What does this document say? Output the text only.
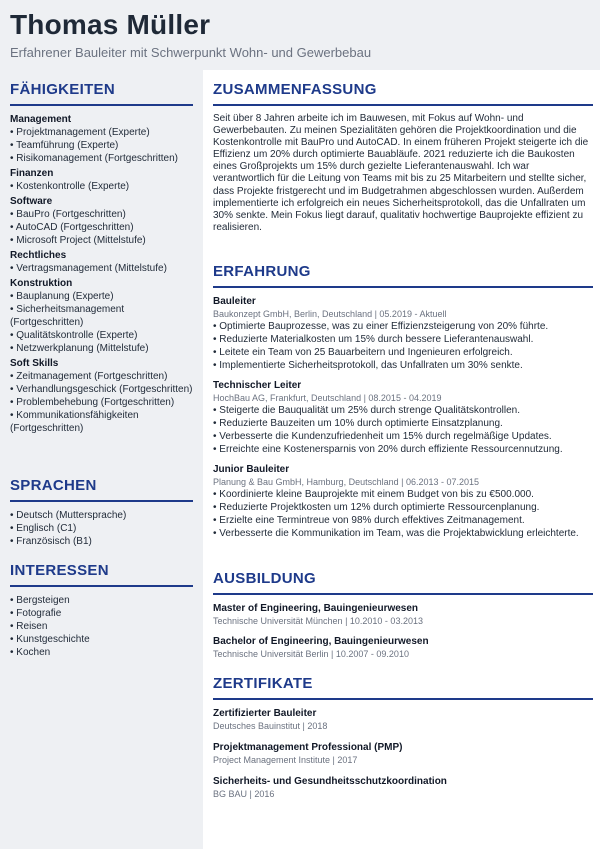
Thomas Müller
Erfahrener Bauleiter mit Schwerpunkt Wohn- und Gewerbebau
FÄHIGKEITEN
Management
• Projektmanagement (Experte)
• Teamführung (Experte)
• Risikomanagement (Fortgeschritten)
Finanzen
• Kostenkontrolle (Experte)
Software
• BauPro (Fortgeschritten)
• AutoCAD (Fortgeschritten)
• Microsoft Project (Mittelstufe)
Rechtliches
• Vertragsmanagement (Mittelstufe)
Konstruktion
• Bauplanung (Experte)
• Sicherheitsmanagement (Fortgeschritten)
• Qualitätskontrolle (Experte)
• Netzwerkplanung (Mittelstufe)
Soft Skills
• Zeitmanagement (Fortgeschritten)
• Verhandlungsgeschick (Fortgeschritten)
• Problembehebung (Fortgeschritten)
• Kommunikationsfähigkeiten (Fortgeschritten)
SPRACHEN
• Deutsch (Muttersprache)
• Englisch (C1)
• Französisch (B1)
INTERESSEN
• Bergsteigen
• Fotografie
• Reisen
• Kunstgeschichte
• Kochen
ZUSAMMENFASSUNG
Seit über 8 Jahren arbeite ich im Bauwesen, mit Fokus auf Wohn- und Gewerbebauten. Zu meinen Spezialitäten gehören die Projektkoordination und die Kostenkontrolle mit BauPro und AutoCAD. In einem früheren Projekt steigerte ich die Effizienz um 20% durch optimierte Bauabläufe. 2021 reduzierte ich die Baukosten eines Großprojekts um 15% durch gezielte Lieferantenauswahl. Ich war verantwortlich für die Leitung von Teams mit bis zu 25 Mitarbeitern und stellte sicher, dass Projekte fristgerecht und im Budgetrahmen abgeschlossen wurden. Außerdem implementierte ich erfolgreich ein neues Sicherheitsprotokoll, das die Unfallraten um 30% senkte. Mein Fokus liegt darauf, qualitativ hochwertige Bauprojekte effizient zu realisieren.
ERFAHRUNG
Bauleiter
Baukonzept GmbH, Berlin, Deutschland | 05.2019 - Aktuell
• Optimierte Bauprozesse, was zu einer Effizienzsteigerung von 20% führte.
• Reduzierte Materialkosten um 15% durch bessere Lieferantenauswahl.
• Leitete ein Team von 25 Bauarbeitern und Ingenieuren erfolgreich.
• Implementierte Sicherheitsprotokoll, das Unfallraten um 30% senkte.
Technischer Leiter
HochBau AG, Frankfurt, Deutschland | 08.2015 - 04.2019
• Steigerte die Bauqualität um 25% durch strenge Qualitätskontrollen.
• Reduzierte Bauzeiten um 10% durch optimierte Einsatzplanung.
• Verbesserte die Kundenzufriedenheit um 15% durch regelmäßige Updates.
• Erreichte eine Kostenersparnis von 20% durch effiziente Ressourcennutzung.
Junior Bauleiter
Planung & Bau GmbH, Hamburg, Deutschland | 06.2013 - 07.2015
• Koordinierte kleine Bauprojekte mit einem Budget von bis zu €500.000.
• Reduzierte Projektkosten um 12% durch optimierte Ressourcenplanung.
• Erzielte eine Termintreue von 98% durch effektives Zeitmanagement.
• Verbesserte die Kommunikation im Team, was die Projektabwicklung erleichterte.
AUSBILDUNG
Master of Engineering, Bauingenieurwesen
Technische Universität München | 10.2010 - 03.2013
Bachelor of Engineering, Bauingenieurwesen
Technische Universität Berlin | 10.2007 - 09.2010
ZERTIFIKATE
Zertifizierter Bauleiter
Deutsches Bauinstitut | 2018
Projektmanagement Professional (PMP)
Project Management Institute | 2017
Sicherheits- und Gesundheitsschutzkoordination
BG BAU | 2016
